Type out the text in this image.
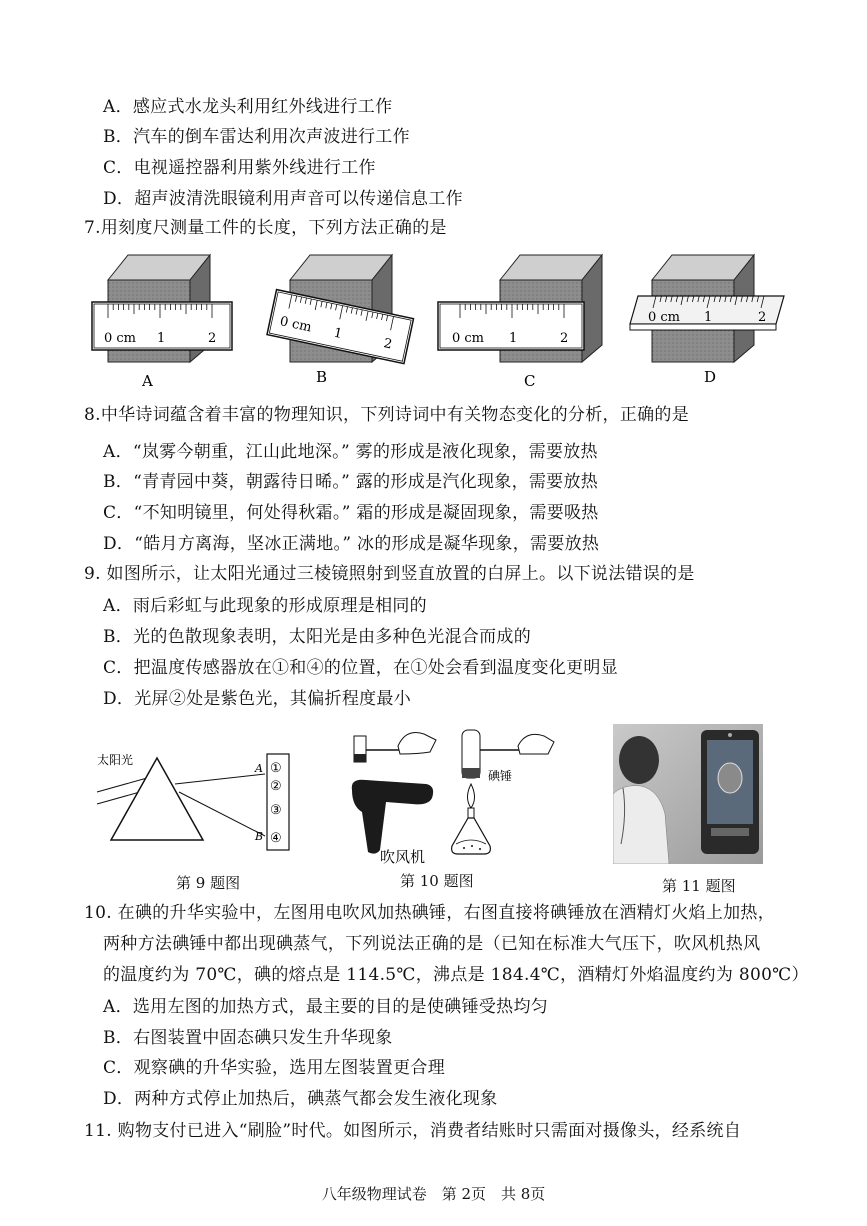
A．感应式水龙头利用红外线进行工作
B．汽车的倒车雷达利用次声波进行工作
C．电视遥控器利用紫外线进行工作
D．超声波清洗眼镜利用声音可以传递信息工作
7.用刻度尺测量工件的长度，下列方法正确的是
0 cm 1	2
A
0 cm 1
2
B
0 cm 1	2
C
0 cm 1	2
D
8.中华诗词蕴含着丰富的物理知识，下列诗词中有关物态变化的分析，正确的是
A．“岚雾今朝重，江山此地深。” 雾的形成是液化现象，需要放热
B．“青青园中葵，朝露待日晞。” 露的形成是汽化现象，需要放热
C．“不知明镜里，何处得秋霜。” 霜的形成是凝固现象，需要吸热
D．“皓月方离海，坚冰正满地。” 冰的形成是凝华现象，需要放热
9. 如图所示，让太阳光通过三棱镜照射到竖直放置的白屏上。以下说法错误的是
A．雨后彩虹与此现象的形成原理是相同的
B．光的色散现象表明，太阳光是由多种色光混合而成的
C．把温度传感器放在①和④的位置，在①处会看到温度变化更明显
D．光屏②处是紫色光，其偏折程度最小
太阳光
A
B
①
②
③
④
第 9 题图
吹风机
碘锤
第 10 题图	第 11 题图
10. 在碘的升华实验中，左图用电吹风加热碘锤，右图直接将碘锤放在酒精灯火焰上加热，
两种方法碘锤中都出现碘蒸气，下列说法正确的是（已知在标准大气压下，吹风机热风
的温度约为 70℃，碘的熔点是 114.5℃，沸点是 184.4℃，酒精灯外焰温度约为 800℃）
A．选用左图的加热方式，最主要的目的是使碘锤受热均匀
B．右图装置中固态碘只发生升华现象
C．观察碘的升华实验，选用左图装置更合理
D．两种方式停止加热后，碘蒸气都会发生液化现象
11. 购物支付已进入“刷脸”时代。如图所示，消费者结账时只需面对摄像头，经系统自
八年级物理试卷　第 2页　共 8页
